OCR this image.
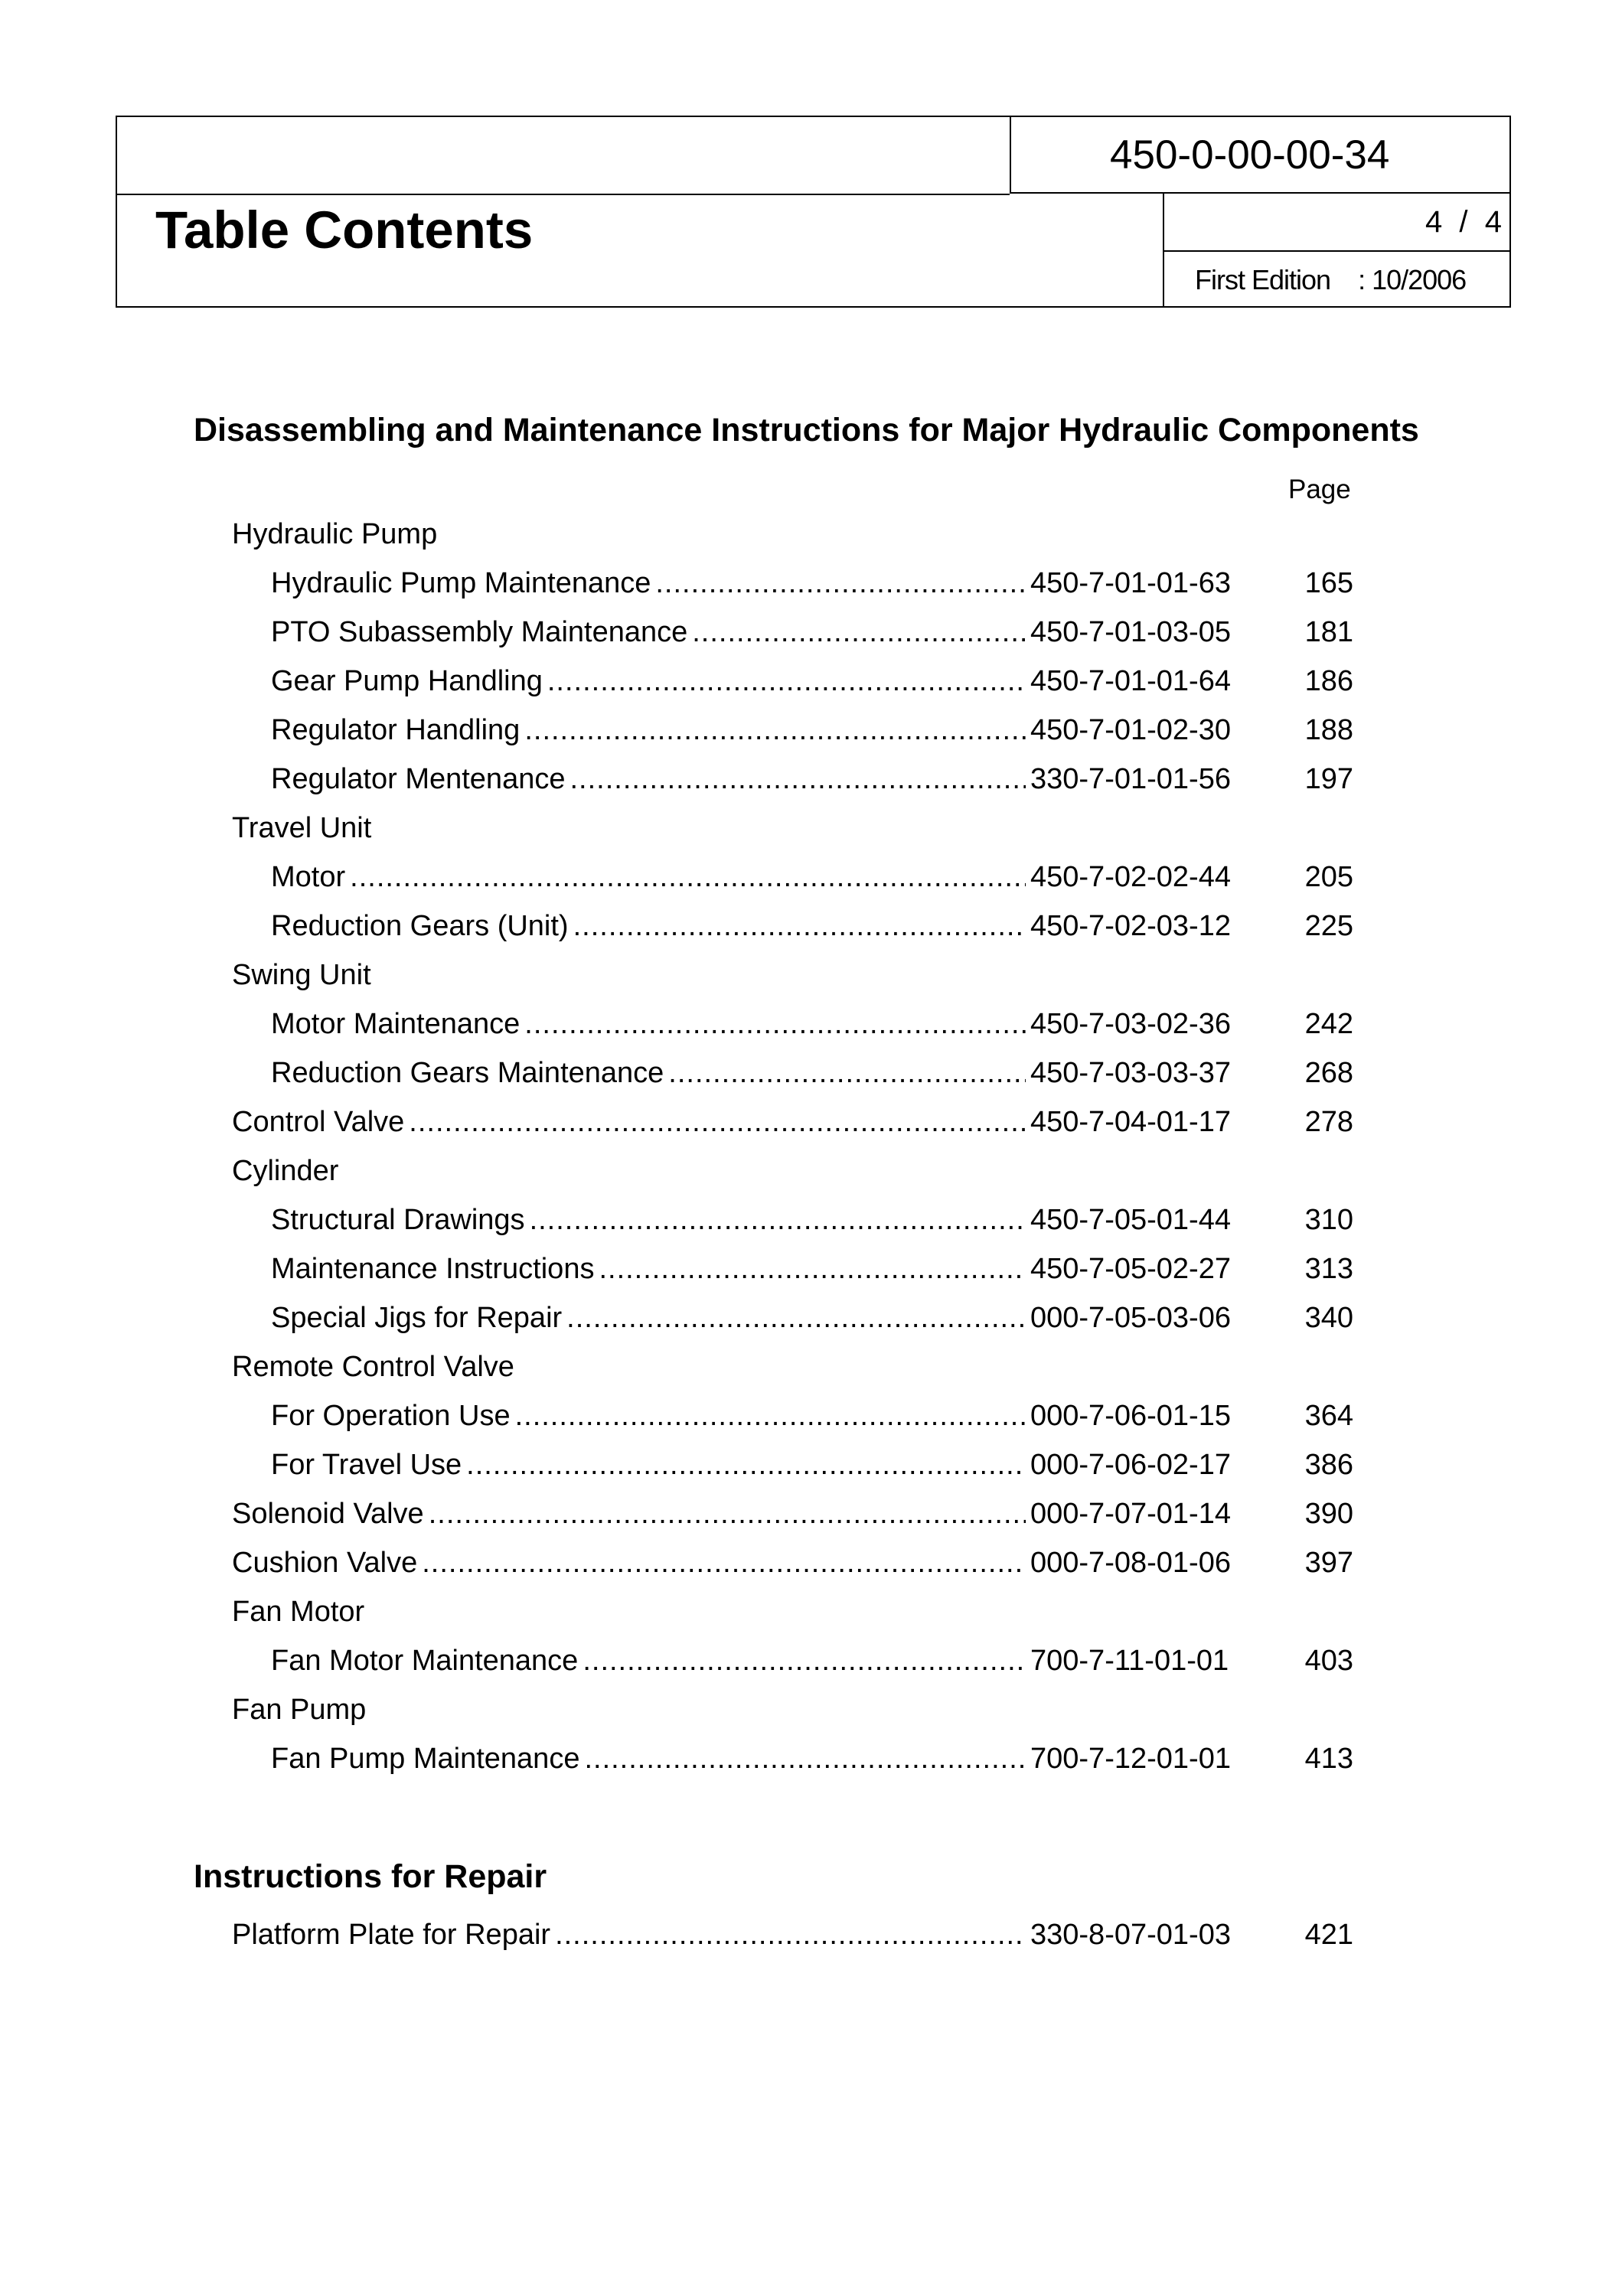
450-0-00-00-34
Table Contents	4  /  4
First Edition : 10/2006
Disassembling and Maintenance Instructions for Major Hydraulic Components
Page
Hydraulic Pump
Hydraulic Pump Maintenance .....	450-7-01-01-63	165
PTO Subassembly Maintenance .....	450-7-01-03-05	181
Gear Pump Handling .....	450-7-01-01-64	186
Regulator Handling .....	450-7-01-02-30	188
Regulator Mentenance .....	330-7-01-01-56	197
Travel Unit
Motor .....	450-7-02-02-44	205
Reduction Gears (Unit) .....	450-7-02-03-12	225
Swing Unit
Motor Maintenance .....	450-7-03-02-36	242
Reduction Gears Maintenance .....	450-7-03-03-37	268
Control Valve .....	450-7-04-01-17	278
Cylinder
Structural Drawings .....	450-7-05-01-44	310
Maintenance Instructions .....	450-7-05-02-27	313
Special Jigs for Repair .....	000-7-05-03-06	340
Remote Control Valve
For Operation Use .....	000-7-06-01-15	364
For Travel Use .....	000-7-06-02-17	386
Solenoid Valve .....	000-7-07-01-14	390
Cushion Valve .....	000-7-08-01-06	397
Fan Motor
Fan Motor Maintenance .....	700-7-11-01-01	403
Fan Pump
Fan Pump Maintenance .....	700-7-12-01-01	413
Instructions for Repair
Platform Plate for Repair .....	330-8-07-01-03	421
